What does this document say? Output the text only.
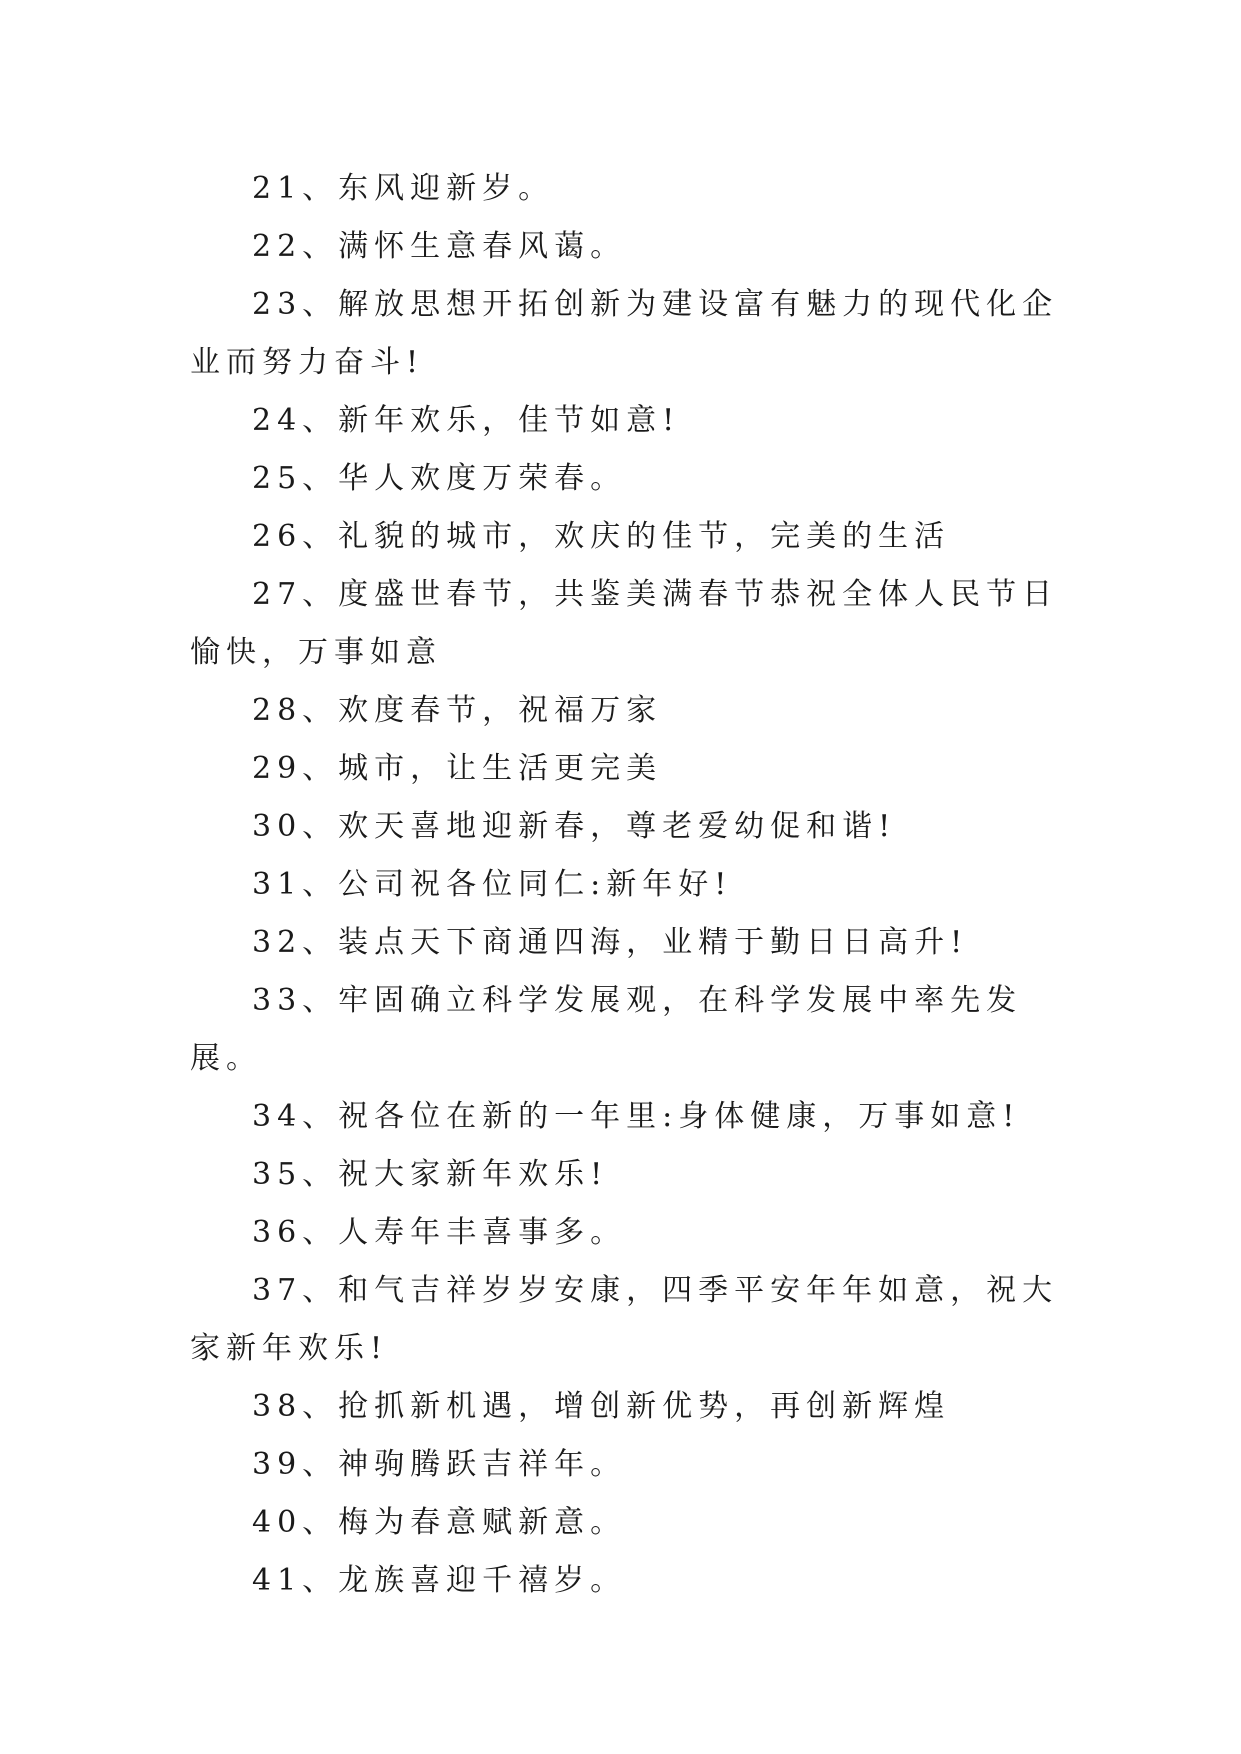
21、东风迎新岁。

22、满怀生意春风蔼。

23、解放思想开拓创新为建设富有魅力的现代化企业而努力奋斗!

24、新年欢乐，佳节如意!

25、华人欢度万荣春。

26、礼貌的城市，欢庆的佳节，完美的生活

27、度盛世春节，共鉴美满春节恭祝全体人民节日愉快，万事如意

28、欢度春节，祝福万家

29、城市，让生活更完美

30、欢天喜地迎新春，尊老爱幼促和谐!

31、公司祝各位同仁:新年好!

32、装点天下商通四海，业精于勤日日高升!

33、牢固确立科学发展观，在科学发展中率先发展。

34、祝各位在新的一年里:身体健康，万事如意!

35、祝大家新年欢乐!

36、人寿年丰喜事多。

37、和气吉祥岁岁安康，四季平安年年如意，祝大家新年欢乐!

38、抢抓新机遇，增创新优势，再创新辉煌

39、神驹腾跃吉祥年。

40、梅为春意赋新意。

41、龙族喜迎千禧岁。
